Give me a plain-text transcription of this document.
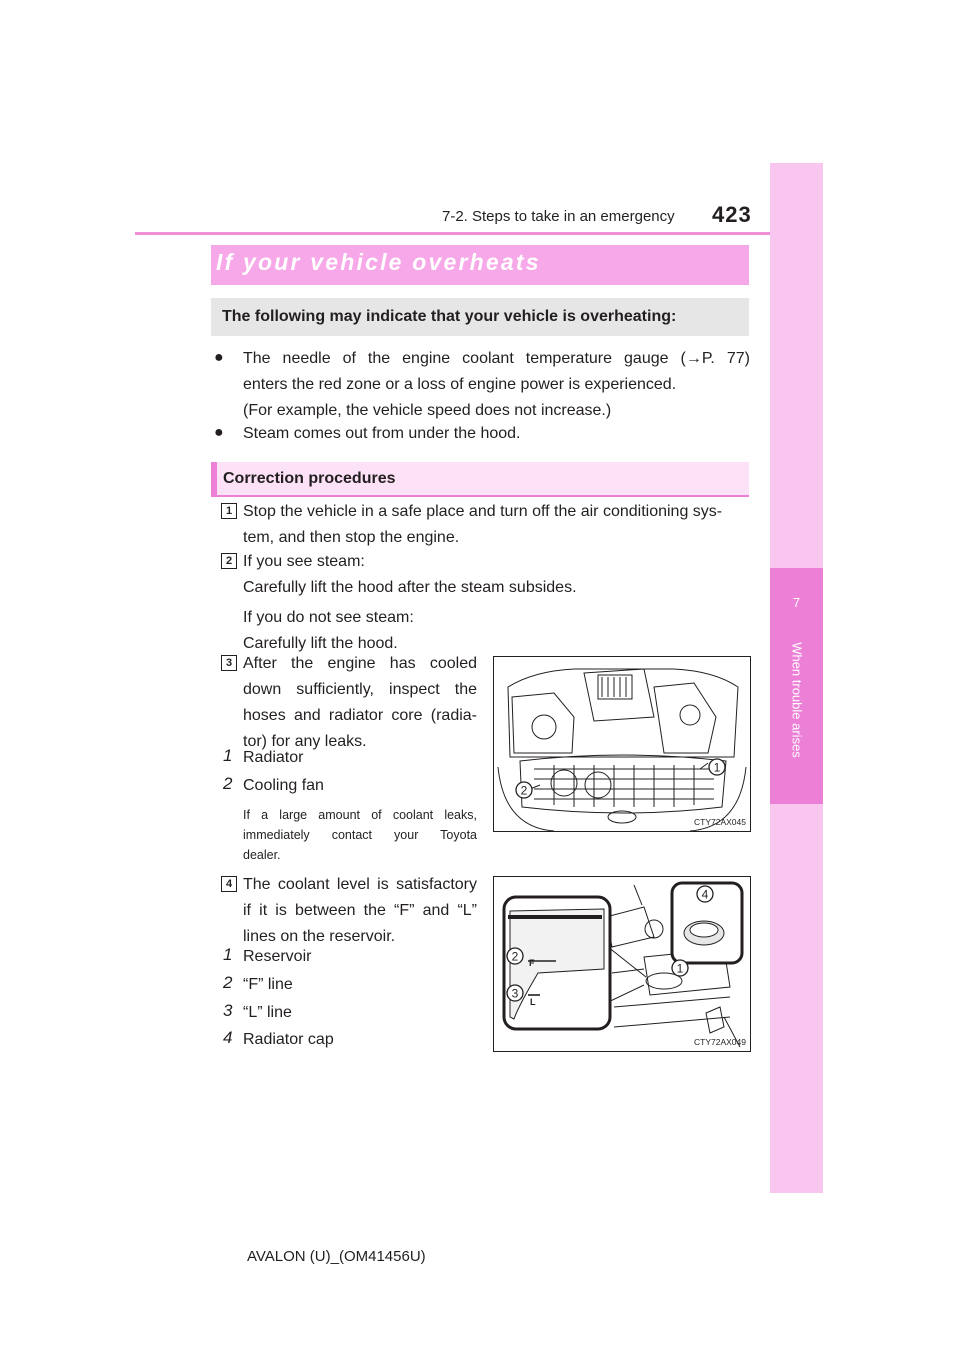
7-2. Steps to take in an emergency 423
7
When trouble arises
If your vehicle overheats
The following may indicate that your vehicle is overheating:
● The needle of the engine coolant temperature gauge (→P. 77)
enters the red zone or a loss of engine power is experienced.
(For example, the vehicle speed does not increase.)
● Steam comes out from under the hood.
Correction procedures
1 Stop the vehicle in a safe place and turn off the air conditioning sys-
tem, and then stop the engine.
2 If you see steam:
Carefully lift the hood after the steam subsides.
If you do not see steam:
Carefully lift the hood.
3 After the engine has cooled
down sufficiently, inspect the
hoses and radiator core (radia-
tor) for any leaks.
1 Radiator
2 Cooling fan
If a large amount of coolant leaks,
immediately contact your Toyota
dealer.
1
2
CTY72AX045
4 The coolant level is satisfactory
if it is between the “F” and “L”
lines on the reservoir.
1 Reservoir
2 “F” line
3 “L” line
4 Radiator cap
F
L
1
2
3
4
CTY72AX049
AVALON (U)_(OM41456U)
